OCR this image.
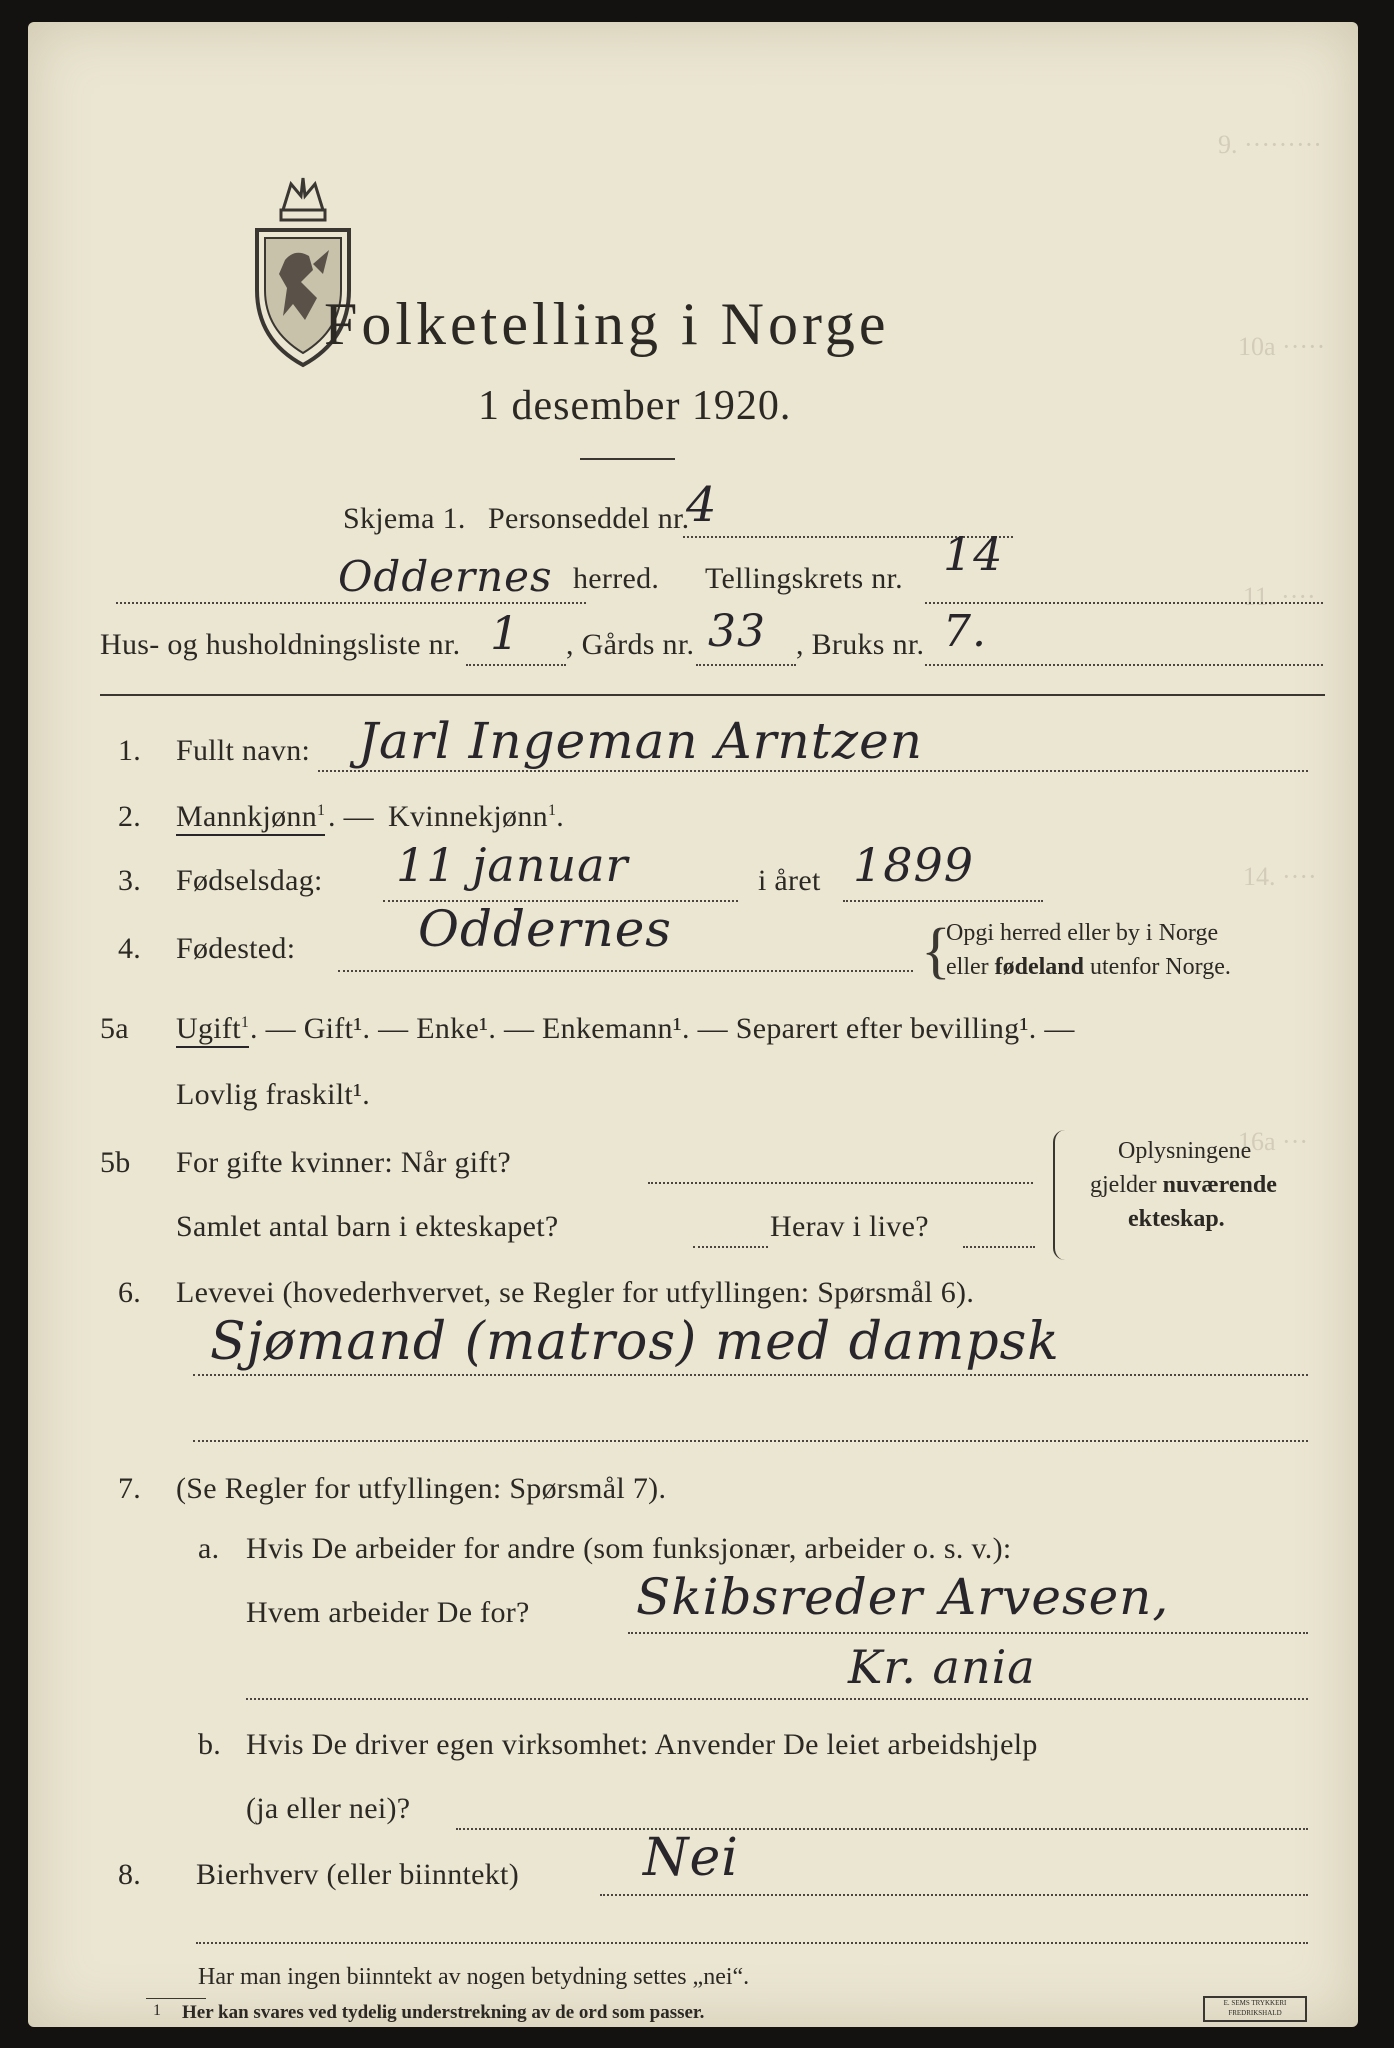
9. ·········
10a ·····
11. ····
14. ····
16a ···
Folketelling i Norge
1 desember 1920.
Skjema 1. Personseddel nr.
4
Oddernes herred. Tellingskrets nr. 14
Hus- og husholdningsliste nr. 1 , Gårds nr. 33 , Bruks nr. 7.
1. Fullt navn: Jarl Ingeman Arntzen
2. Mannkjønn$^1$ . — Kvinnekjønn$^1$.
3. Fødselsdag: 11 januar	i året 1899
4. Fødested: Oddernes	{
Opgi herred eller by i Norge
eller fødeland utenfor Norge.
5a Ugift$^1$ . — Gift¹. — Enke¹. — Enkemann¹. — Separert efter bevilling¹. —
Lovlig fraskilt¹.
5b For gifte kvinner: Når gift?
Samlet antal barn i ekteskapet?	Herav i live?
Oplysningene
gjelder nuværende
ekteskap.
6. Levevei (hovederhvervet, se Regler for utfyllingen: Spørsmål 6).
Sjømand (matros) med dampsk
7. (Se Regler for utfyllingen: Spørsmål 7).
a. Hvis De arbeider for andre (som funksjonær, arbeider o. s. v.):
Hvem arbeider De for? Skibsreder Arvesen,
Kr. ania
b. Hvis De driver egen virksomhet: Anvender De leiet arbeidshjelp
(ja eller nei)?
8. Bierhverv (eller biinntekt) Nei
Har man ingen biinntekt av nogen betydning settes „nei“.
1 Her kan svares ved tydelig understrekning av de ord som passer.	E. SEMS TRYKKERI
FREDRIKSHALD
